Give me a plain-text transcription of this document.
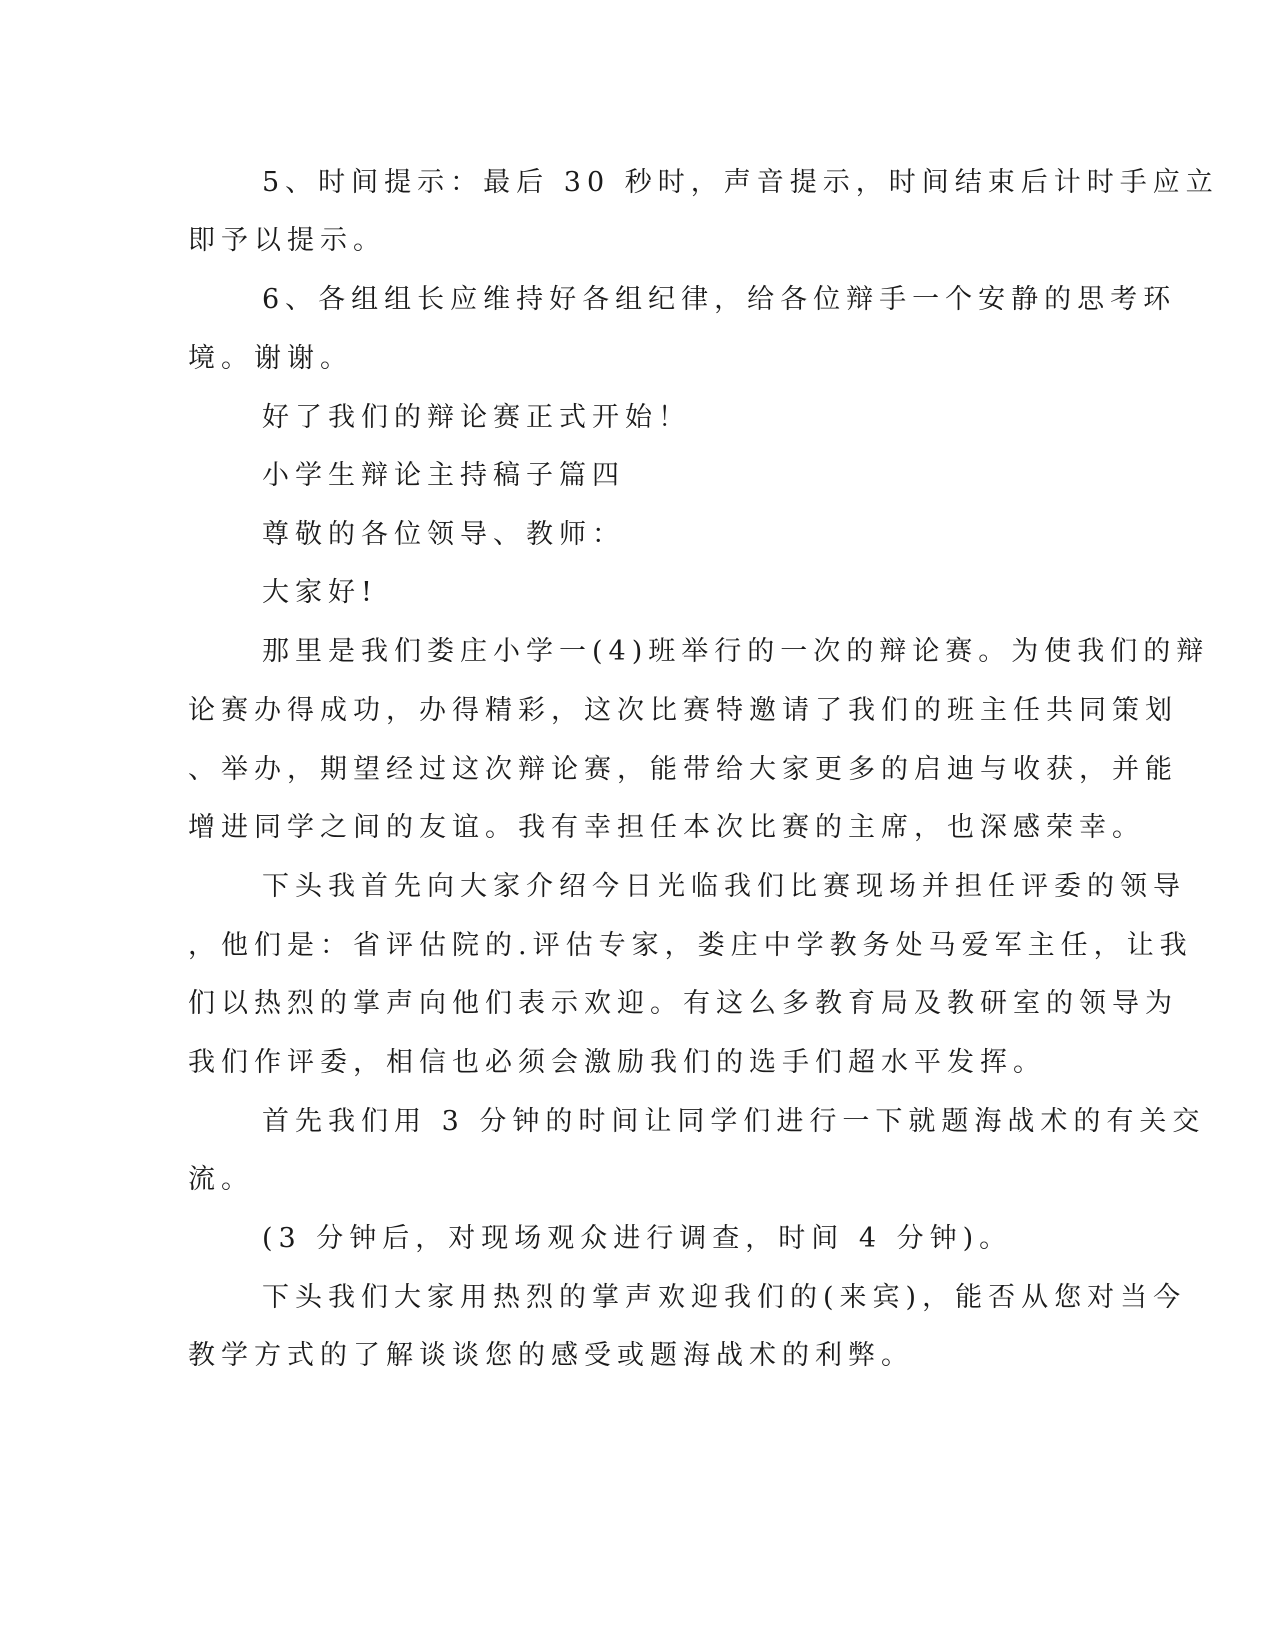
5、时间提示：最后 30 秒时，声音提示，时间结束后计时手应立
即予以提示。
6、各组组长应维持好各组纪律，给各位辩手一个安静的思考环
境。谢谢。
好了我们的辩论赛正式开始！
小学生辩论主持稿子篇四
尊敬的各位领导、教师：
大家好!
那里是我们娄庄小学一(4)班举行的一次的辩论赛。为使我们的辩
论赛办得成功，办得精彩，这次比赛特邀请了我们的班主任共同策划
、举办，期望经过这次辩论赛，能带给大家更多的启迪与收获，并能
增进同学之间的友谊。我有幸担任本次比赛的主席，也深感荣幸。
下头我首先向大家介绍今日光临我们比赛现场并担任评委的领导
，他们是：省评估院的.评估专家，娄庄中学教务处马爱军主任，让我
们以热烈的掌声向他们表示欢迎。有这么多教育局及教研室的领导为
我们作评委，相信也必须会激励我们的选手们超水平发挥。
首先我们用 3 分钟的时间让同学们进行一下就题海战术的有关交
流。
(3 分钟后，对现场观众进行调查，时间 4 分钟)。
下头我们大家用热烈的掌声欢迎我们的(来宾)，能否从您对当今
教学方式的了解谈谈您的感受或题海战术的利弊。
